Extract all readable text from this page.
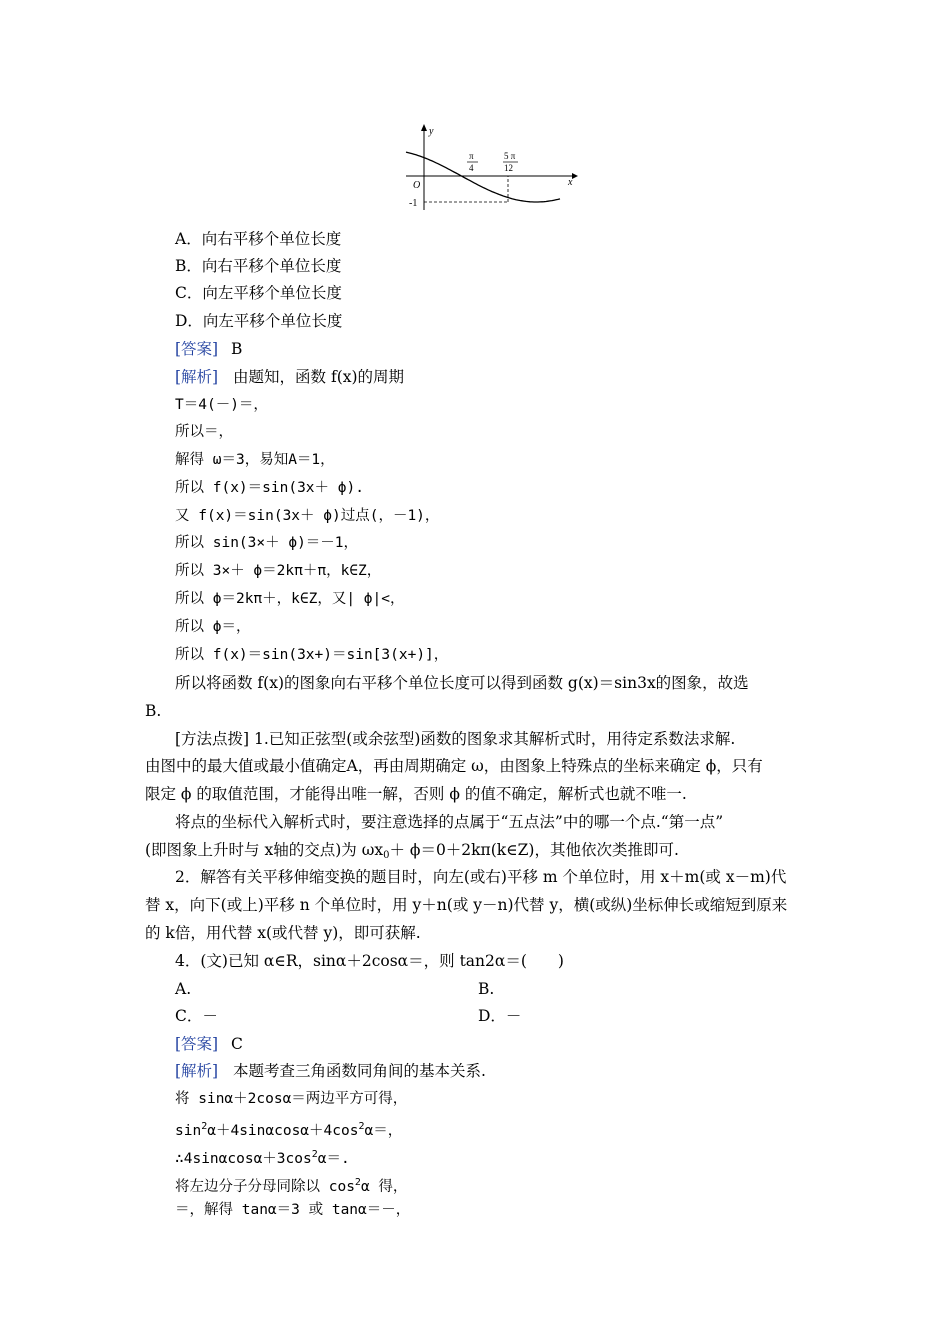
y
x
O
π
4
5 π
12
-1
A．向右平移个单位长度
B．向右平移个单位长度
C．向左平移个单位长度
D．向左平移个单位长度
[答案] B
[解析] 由题知，函数 f(x)的周期
T＝4(－)＝，
所以＝，
解得 ω＝3，易知A＝1，
所以 f(x)＝sin(3x＋ ϕ).
又 f(x)＝sin(3x＋ ϕ)过点(，－1)，
所以 sin(3×＋ ϕ)＝－1，
所以 3×＋ ϕ＝2kπ＋π，k∈Z，
所以 ϕ＝2kπ＋，k∈Z，又| ϕ|<，
所以 ϕ＝，
所以 f(x)＝sin(3x+)＝sin[3(x+)]，
所以将函数 f(x)的图象向右平移个单位长度可以得到函数 g(x)＝sin3x的图象，故选
B.
[方法点拨] 1.已知正弦型(或余弦型)函数的图象求其解析式时，用待定系数法求解.
由图中的最大值或最小值确定A，再由周期确定 ω，由图象上特殊点的坐标来确定 ϕ，只有
限定 ϕ 的取值范围，才能得出唯一解，否则 ϕ 的值不确定，解析式也就不唯一.
将点的坐标代入解析式时，要注意选择的点属于“五点法”中的哪一个点.“第一点”
(即图象上升时与 x轴的交点)为 $\omega x_0+$ ϕ＝0＋2kπ(k∈Z)，其他依次类推即可.
2．解答有关平移伸缩变换的题目时，向左(或右)平移 m 个单位时，用 x＋m(或 x－m)代
替 x，向下(或上)平移 n 个单位时，用 y＋n(或 y－n)代替 y，横(或纵)坐标伸长或缩短到原来
的 k倍，用代替 x(或代替 y)，即可获解.
4．(文)已知 α∈R，sinα＋2cosα＝，则 tan2α＝(　　)
A.	B.
C．－	D．－
[答案] C
[解析] 本题考查三角函数同角间的基本关系.
将 sinα＋2cosα＝两边平方可得，
$\sin^2\alpha+4\sin\alpha\cos\alpha+4\cos^2\alpha=$，
$\therefore 4\sin\alpha\cos\alpha+3\cos^2\alpha=$.
将左边分子分母同除以 $\cos^2\alpha$ 得，
＝，解得 tanα＝3 或 tanα＝－，
